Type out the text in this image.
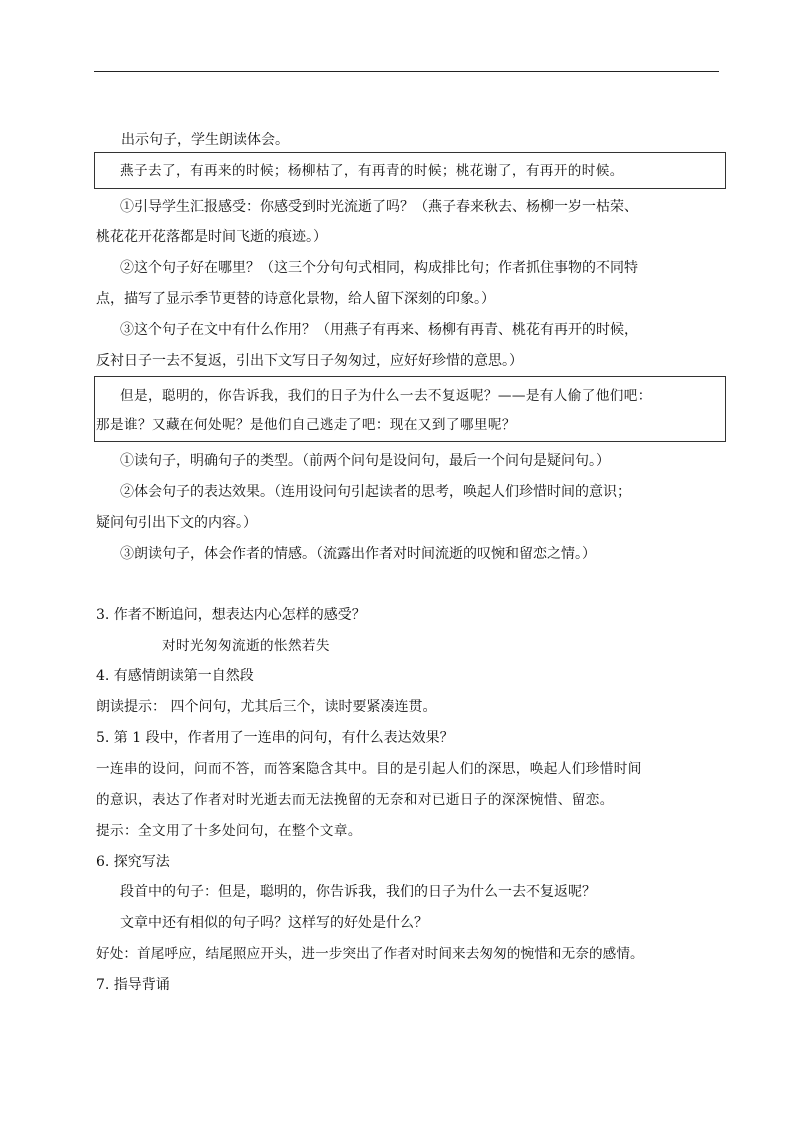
出示句子，学生朗读体会。
燕子去了，有再来的时候；杨柳枯了，有再青的时候；桃花谢了，有再开的时候。
①引导学生汇报感受：你感受到时光流逝了吗？（燕子春来秋去、杨柳一岁一枯荣、
桃花花开花落都是时间飞逝的痕迹。）
②这个句子好在哪里？（这三个分句句式相同，构成排比句；作者抓住事物的不同特
点，描写了显示季节更替的诗意化景物，给人留下深刻的印象。）
③这个句子在文中有什么作用？（用燕子有再来、杨柳有再青、桃花有再开的时候，
反衬日子一去不复返，引出下文写日子匆匆过，应好好珍惜的意思。）
但是，聪明的，你告诉我，我们的日子为什么一去不复返呢？——是有人偷了他们吧：
那是谁？又藏在何处呢？是他们自己逃走了吧：现在又到了哪里呢？
①读句子，明确句子的类型。（前两个问句是设问句，最后一个问句是疑问句。）
②体会句子的表达效果。（连用设问句引起读者的思考，唤起人们珍惜时间的意识；
疑问句引出下文的内容。）
③朗读句子，体会作者的情感。（流露出作者对时间流逝的叹惋和留恋之情。）
3. 作者不断追问，想表达内心怎样的感受？
对时光匆匆流逝的怅然若失
4. 有感情朗读第一自然段
朗读提示： 四个问句，尤其后三个，读时要紧凑连贯。
5. 第 1 段中，作者用了一连串的问句，有什么表达效果？
一连串的设问，问而不答，而答案隐含其中。目的是引起人们的深思，唤起人们珍惜时间
的意识，表达了作者对时光逝去而无法挽留的无奈和对已逝日子的深深惋惜、留恋。
提示：全文用了十多处问句，在整个文章。
6. 探究写法
段首中的句子：但是，聪明的，你告诉我，我们的日子为什么一去不复返呢？
文章中还有相似的句子吗？这样写的好处是什么？
好处：首尾呼应，结尾照应开头，进一步突出了作者对时间来去匆匆的惋惜和无奈的感情。
7. 指导背诵
